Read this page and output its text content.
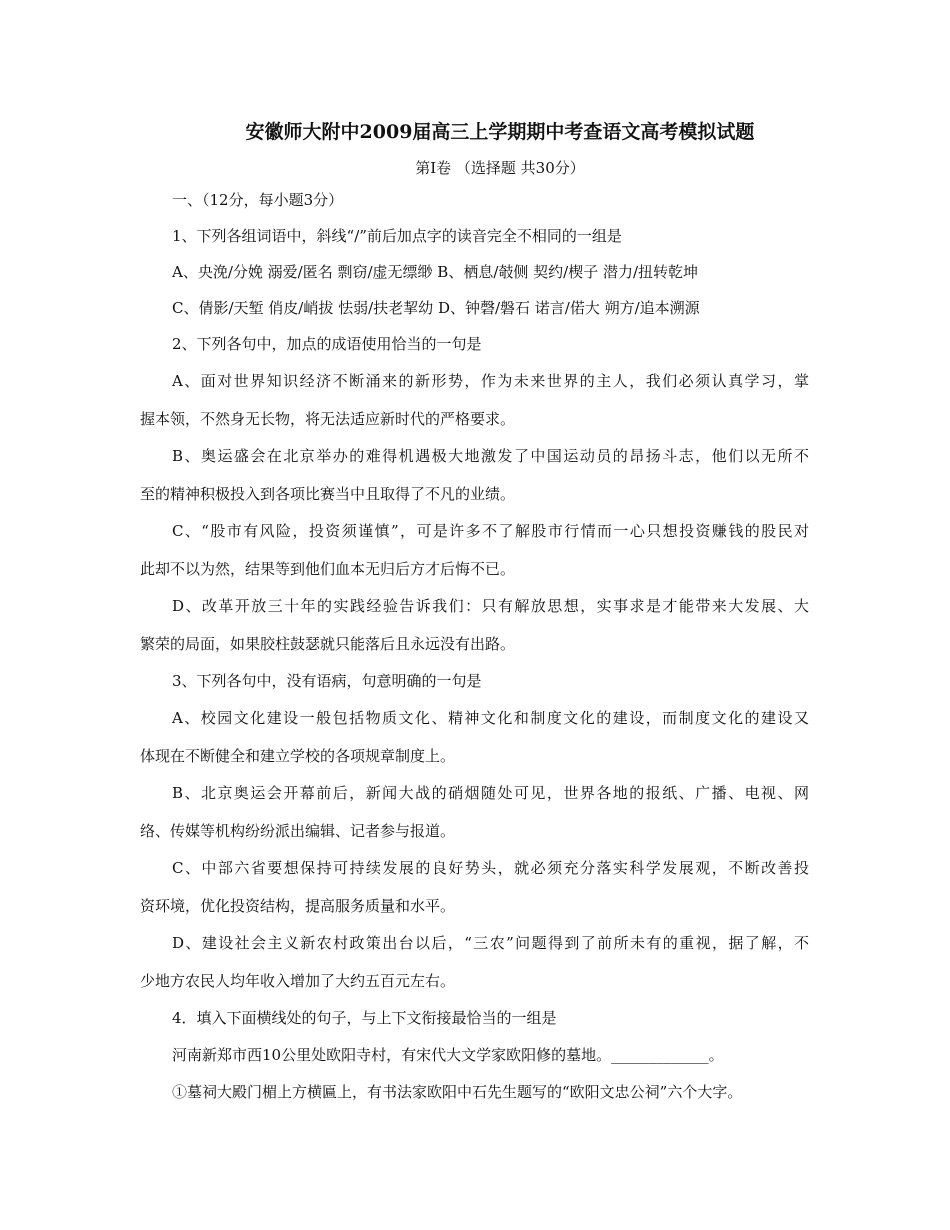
安徽师大附中2009届高三上学期期中考查语文高考模拟试题
第Ⅰ卷 （选择题 共30分）
一、（12分，每小题3分）
1、下列各组词语中，斜线“/”前后加点字的读音完全不相同的一组是
A、央浼/分娩 溺爱/匿名 剽窃/虚无缥缈 B、栖息/攲侧 契约/楔子 潜力/扭转乾坤
C、倩影/天堑 俏皮/峭拔 怯弱/扶老挈幼 D、钟磬/磐石 诺言/偌大 朔方/追本溯源
2、下列各句中，加点的成语使用恰当的一句是
A、面对世界知识经济不断涌来的新形势，作为未来世界的主人，我们必须认真学习，掌
握本领，不然身无长物，将无法适应新时代的严格要求。
B、奥运盛会在北京举办的难得机遇极大地激发了中国运动员的昂扬斗志，他们以无所不
至的精神积极投入到各项比赛当中且取得了不凡的业绩。
C、“股市有风险，投资须谨慎”，可是许多不了解股市行情而一心只想投资赚钱的股民对
此却不以为然，结果等到他们血本无归后方才后悔不已。
D、改革开放三十年的实践经验告诉我们：只有解放思想，实事求是才能带来大发展、大
繁荣的局面，如果胶柱鼓瑟就只能落后且永远没有出路。
3、下列各句中，没有语病，句意明确的一句是
A、校园文化建设一般包括物质文化、精神文化和制度文化的建设，而制度文化的建设又
体现在不断健全和建立学校的各项规章制度上。
B、北京奥运会开幕前后，新闻大战的硝烟随处可见，世界各地的报纸、广播、电视、网
络、传媒等机构纷纷派出编辑、记者参与报道。
C、中部六省要想保持可持续发展的良好势头，就必须充分落实科学发展观，不断改善投
资环境，优化投资结构，提高服务质量和水平。
D、建设社会主义新农村政策出台以后，“三农”问题得到了前所未有的重视，据了解，不
少地方农民人均年收入增加了大约五百元左右。
4．填入下面横线处的句子，与上下文衔接最恰当的一组是
河南新郑市西10公里处欧阳寺村，有宋代大文学家欧阳修的墓地。_____________。
①墓祠大殿门楣上方横匾上，有书法家欧阳中石先生题写的“欧阳文忠公祠”六个大字。
